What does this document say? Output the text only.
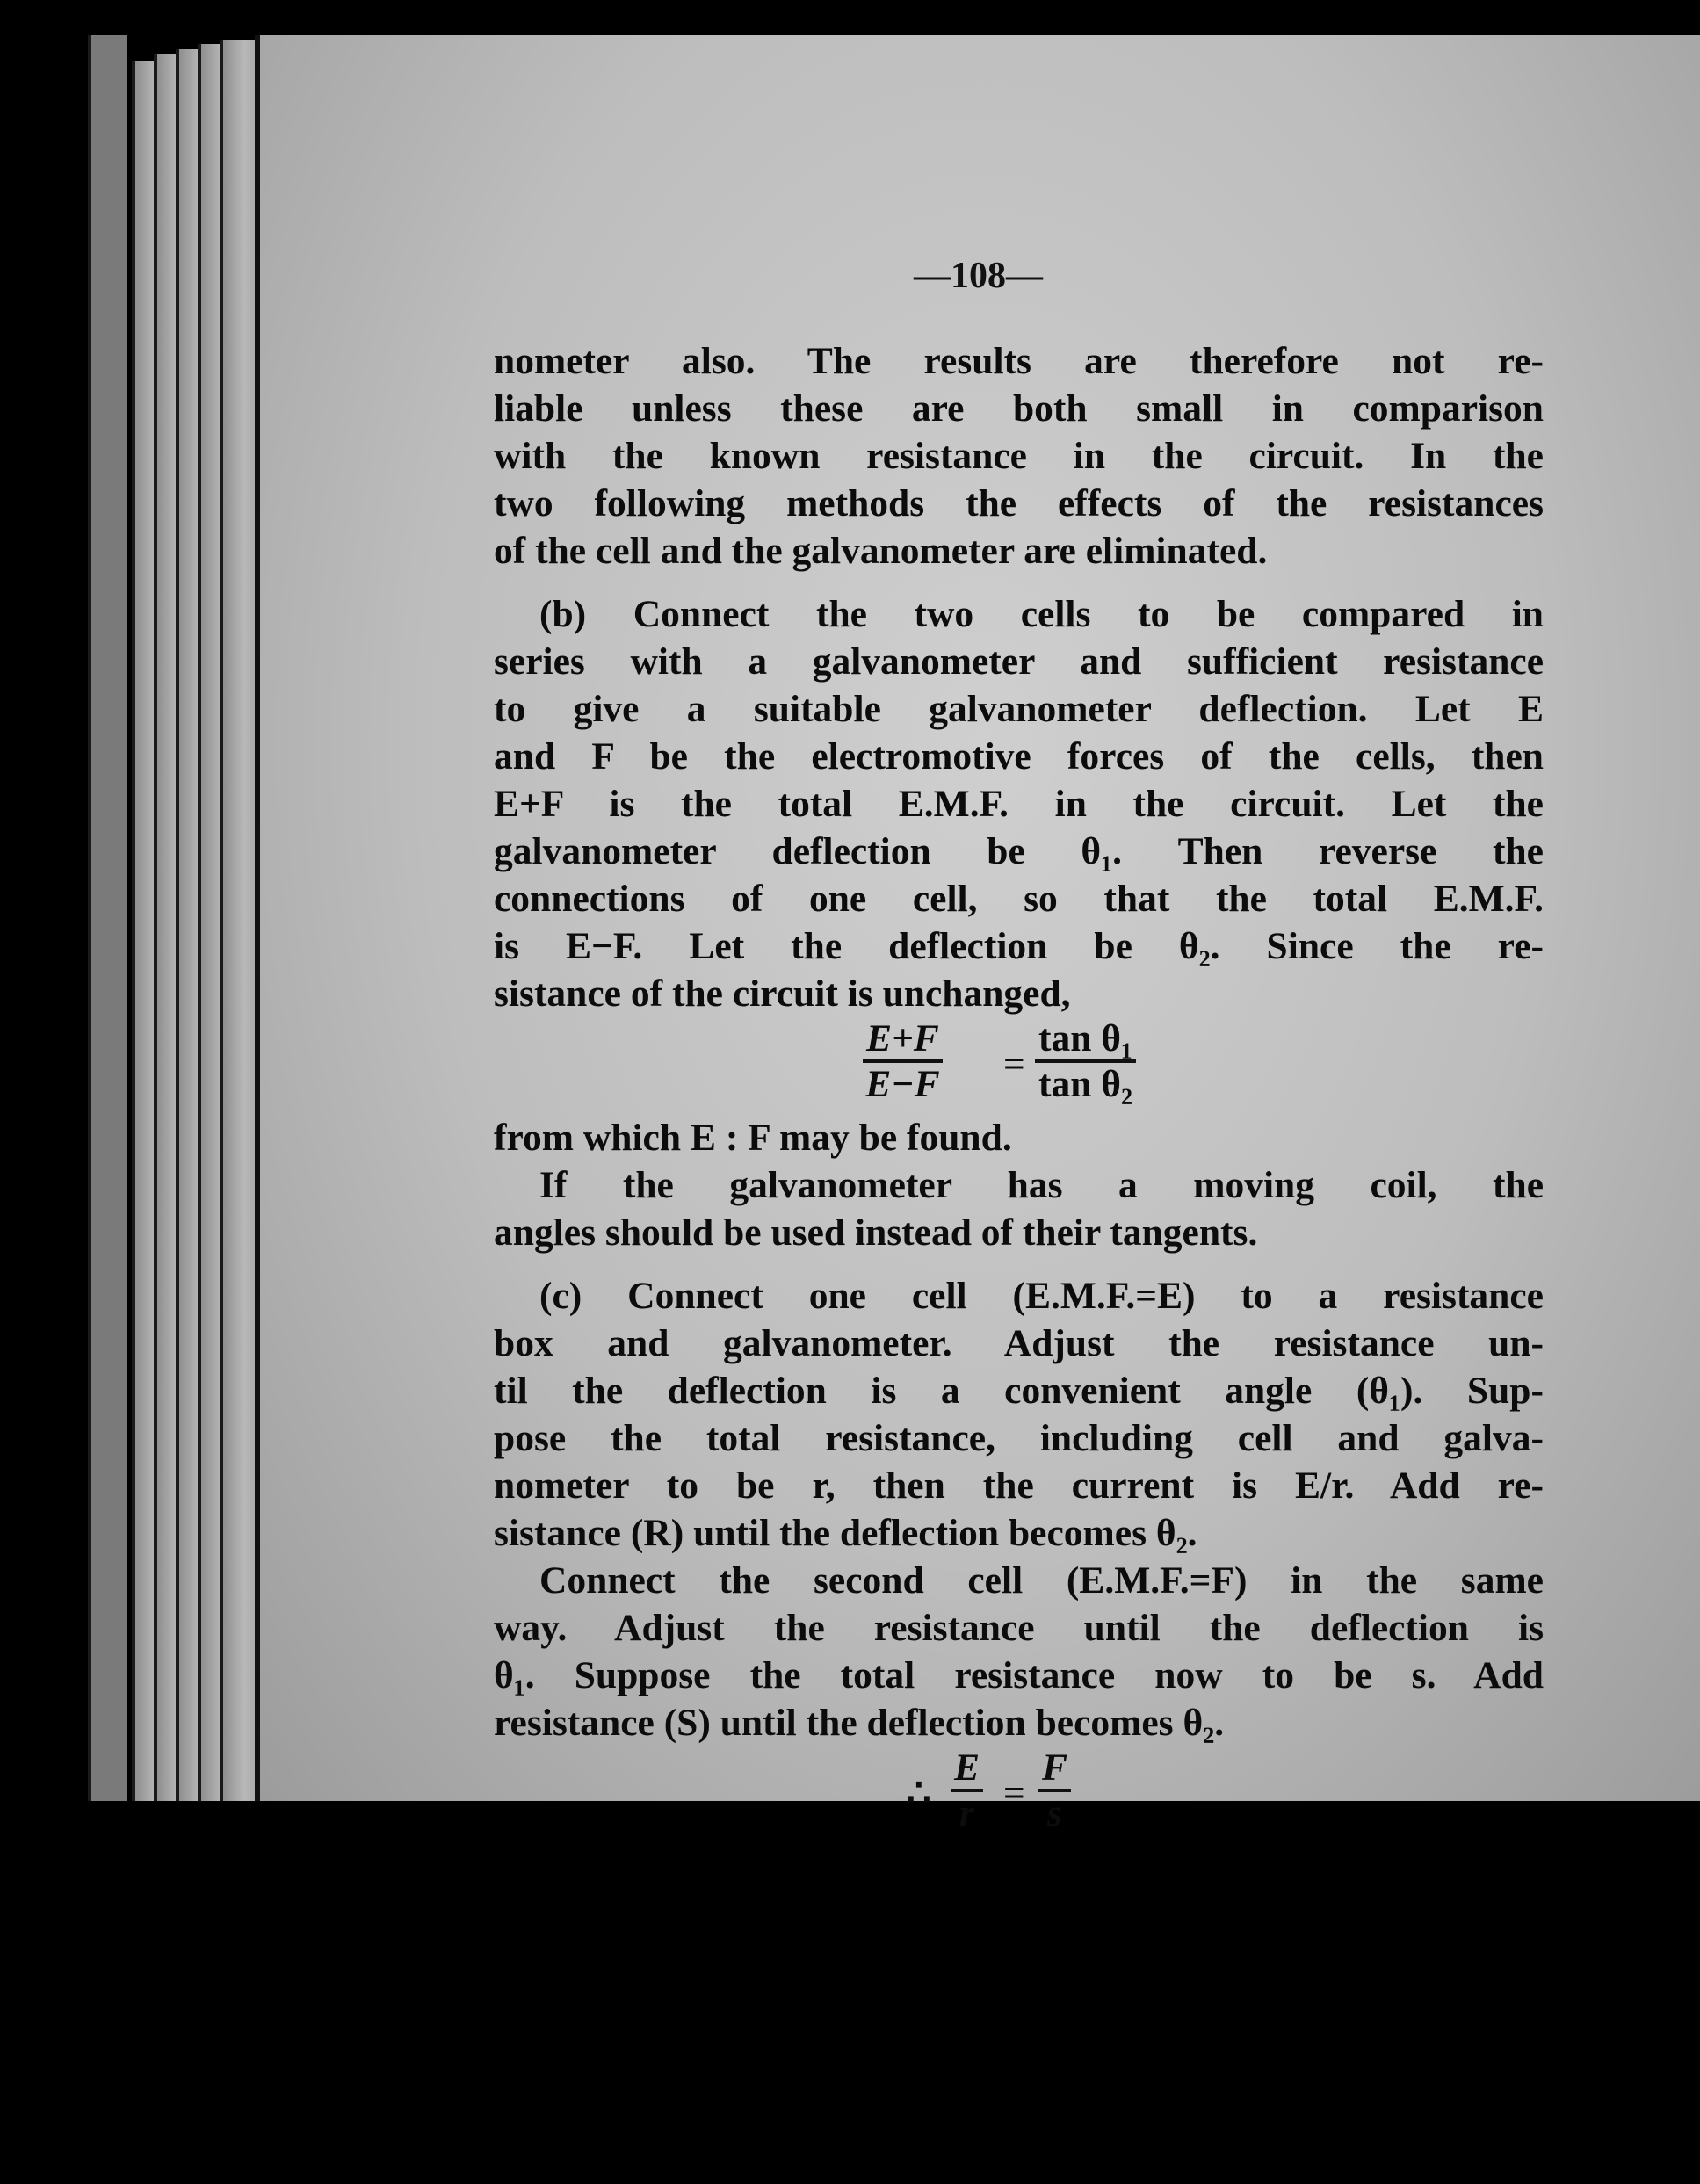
—108—
nometer also. The results are therefore not re-
liable unless these are both small in comparison
with the known resistance in the circuit. In the
two following methods the effects of the resistances
of the cell and the galvanometer are eliminated.
(b) Connect the two cells to be compared in
series with a galvanometer and sufficient resistance
to give a suitable galvanometer deflection. Let E
and F be the electromotive forces of the cells, then
E+F is the total E.M.F. in the circuit. Let the
galvanometer deflection be θ₁. Then reverse the
connections of one cell, so that the total E.M.F.
is E−F. Let the deflection be θ₂. Since the re-
sistance of the circuit is unchanged,
$\frac{E+F}{E-F} = \frac{\text{tan θ₁}}{\text{tan θ₂}}$
from which E : F may be found.
If the galvanometer has a moving coil, the
angles should be used instead of their tangents.
(c) Connect one cell (E.M.F.=E) to a resistance
box and galvanometer. Adjust the resistance un-
til the deflection is a convenient angle (θ₁). Sup-
pose the total resistance, including cell and galva-
nometer to be r, then the current is E/r. Add re-
sistance (R) until the deflection becomes θ₂.
Connect the second cell (E.M.F.=F) in the same
way. Adjust the resistance until the deflection is
θ₁. Suppose the total resistance now to be s. Add
resistance (S) until the deflection becomes θ₂.
∴ $\frac{E}{r} = \frac{F}{s}$
